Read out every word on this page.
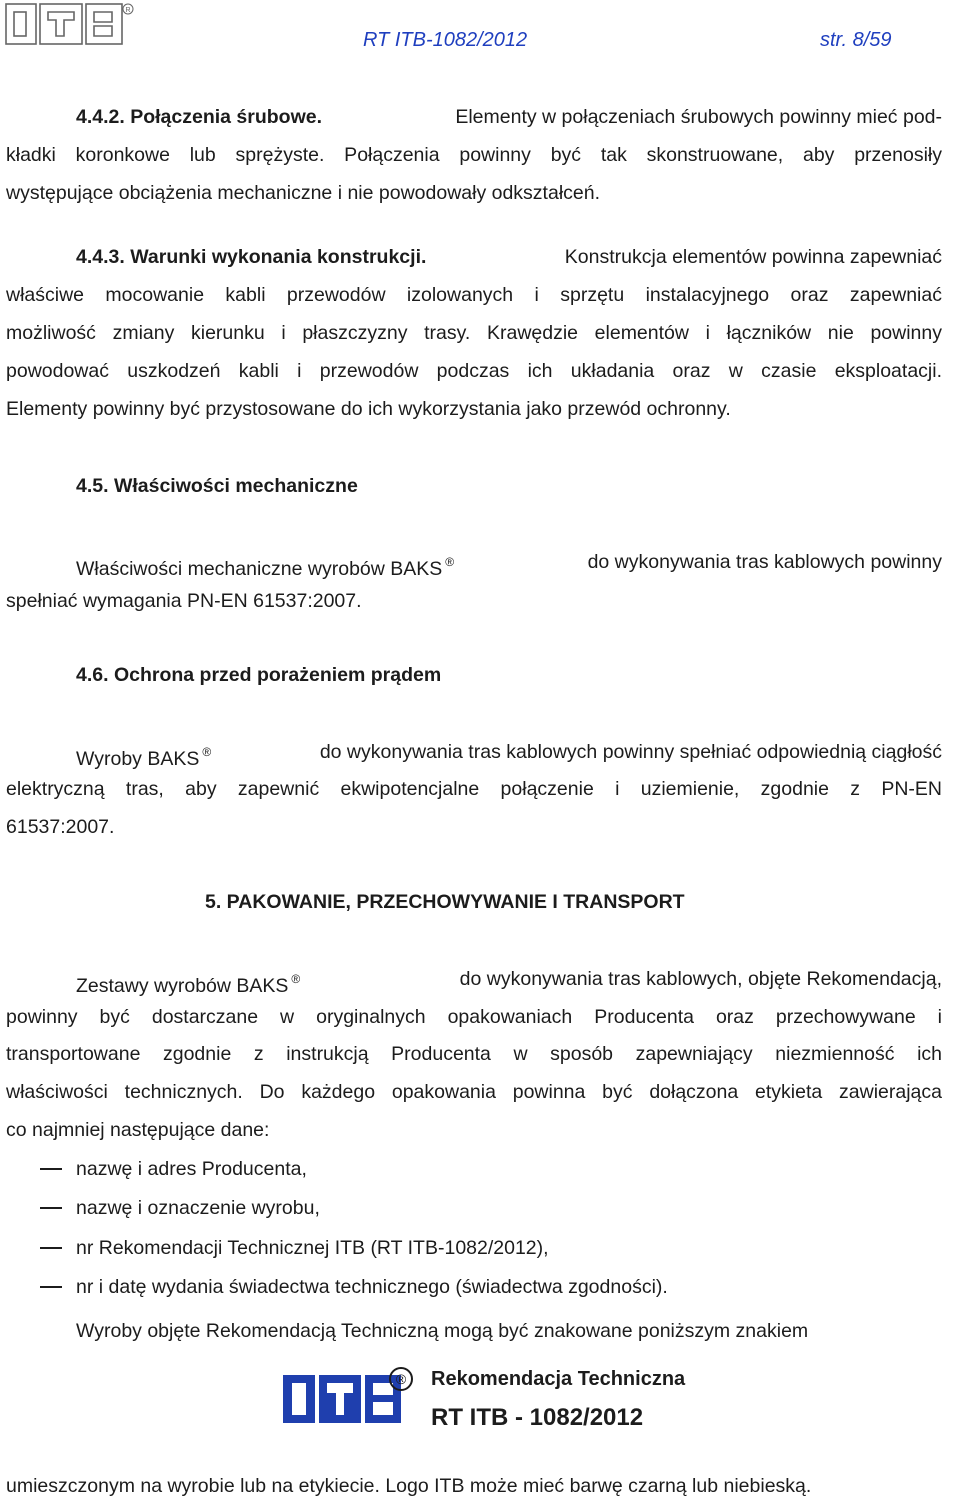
R
RT ITB-1082/2012	str. 8/59
4.4.2. Połączenia śrubowe.	Elementy w połączeniach śrubowych powinny mieć pod-
kładki koronkowe lub sprężyste. Połączenia powinny być tak skonstruowane, aby przenosiły
występujące obciążenia mechaniczne i nie powodowały odkształceń.
4.4.3. Warunki wykonania konstrukcji.	Konstrukcja elementów powinna zapewniać
właściwe mocowanie kabli przewodów izolowanych i sprzętu instalacyjnego oraz zapewniać
możliwość zmiany kierunku i płaszczyzny trasy. Krawędzie elementów i łączników nie powinny
powodować uszkodzeń kabli i przewodów podczas ich układania oraz w czasie eksploatacji.
Elementy powinny być przystosowane do ich wykorzystania jako przewód ochronny.
4.5. Właściwości mechaniczne
Właściwości mechaniczne wyrobów BAKS ®	do wykonywania tras kablowych powinny
spełniać wymagania PN-EN 61537:2007.
4.6. Ochrona przed porażeniem prądem
Wyroby BAKS ®	do wykonywania tras kablowych powinny spełniać odpowiednią ciągłość
elektryczną tras, aby zapewnić ekwipotencjalne połączenie i uziemienie, zgodnie z PN-EN
61537:2007.
5. PAKOWANIE, PRZECHOWYWANIE I TRANSPORT
Zestawy wyrobów BAKS ®	do wykonywania tras kablowych, objęte Rekomendacją,
powinny być dostarczane w oryginalnych opakowaniach Producenta oraz przechowywane i
transportowane zgodnie z instrukcją Producenta w sposób zapewniający niezmienność ich
właściwości technicznych. Do każdego opakowania powinna być dołączona etykieta zawierająca
co najmniej następujące dane:
nazwę i adres Producenta,
nazwę i oznaczenie wyrobu,
nr Rekomendacji Technicznej ITB (RT ITB-1082/2012),
nr i datę wydania świadectwa technicznego (świadectwa zgodności).
Wyroby objęte Rekomendacją Techniczną mogą być znakowane poniższym znakiem
®	Rekomendacja Techniczna
RT ITB - 1082/2012
umieszczonym na wyrobie lub na etykiecie. Logo ITB może mieć barwę czarną lub niebieską.
